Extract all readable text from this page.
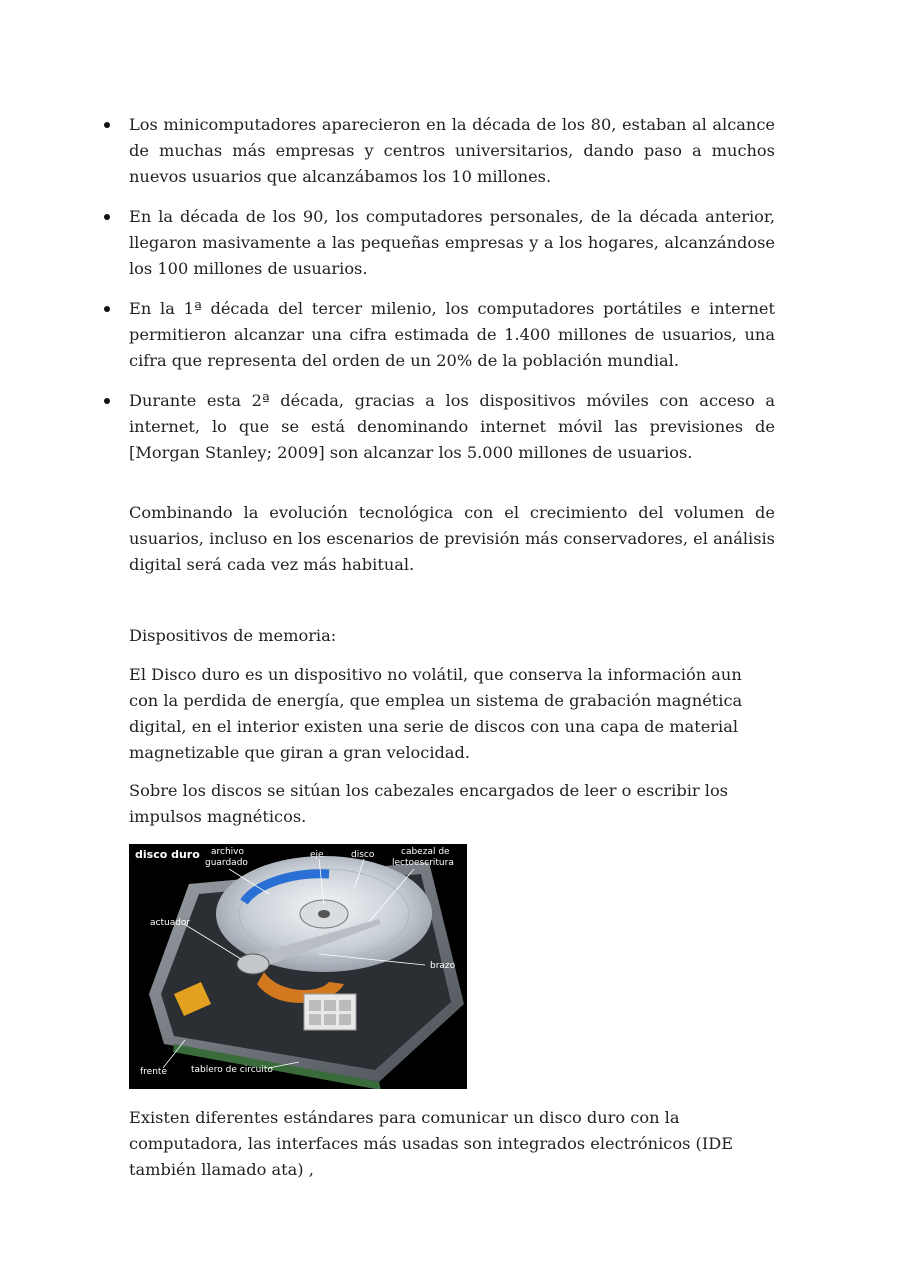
Los minicomputadores aparecieron en la década de los 80, estaban al alcance de muchas más empresas y centros universitarios, dando paso a muchos nuevos usuarios que alcanzábamos los 10 millones.
En la década de los 90, los computadores personales, de la década anterior, llegaron masivamente a las pequeñas empresas y a los hogares, alcanzándose los 100 millones de usuarios.
En la 1ª década del tercer milenio, los computadores portátiles e internet permitieron alcanzar una cifra estimada de 1.400 millones de usuarios, una cifra que representa del orden de un 20% de la población mundial.
Durante esta 2ª década, gracias a los dispositivos móviles con acceso a internet, lo que se está denominando internet móvil las previsiones de [Morgan Stanley; 2009] son alcanzar los 5.000 millones de usuarios.

Combinando la evolución tecnológica con el crecimiento del volumen de usuarios, incluso en los escenarios de previsión más conservadores, el análisis digital será cada vez más habitual.

Dispositivos de memoria:

El Disco duro es un dispositivo no volátil, que conserva la información aun con la perdida de energía, que emplea un sistema de grabación magnética digital, en el interior existen una serie de discos con una capa de material magnetizable que giran a gran velocidad.

Sobre los discos se sitúan los cabezales encargados de leer o escribir los impulsos magnéticos.

disco duro archivo
guardado
eje	disco	cabezal de
lectoescritura
actuador
brazo
frente	tablero de circuito

Existen diferentes estándares para comunicar un disco duro con la computadora, las interfaces más usadas son integrados electrónicos (IDE también llamado ata) ,
